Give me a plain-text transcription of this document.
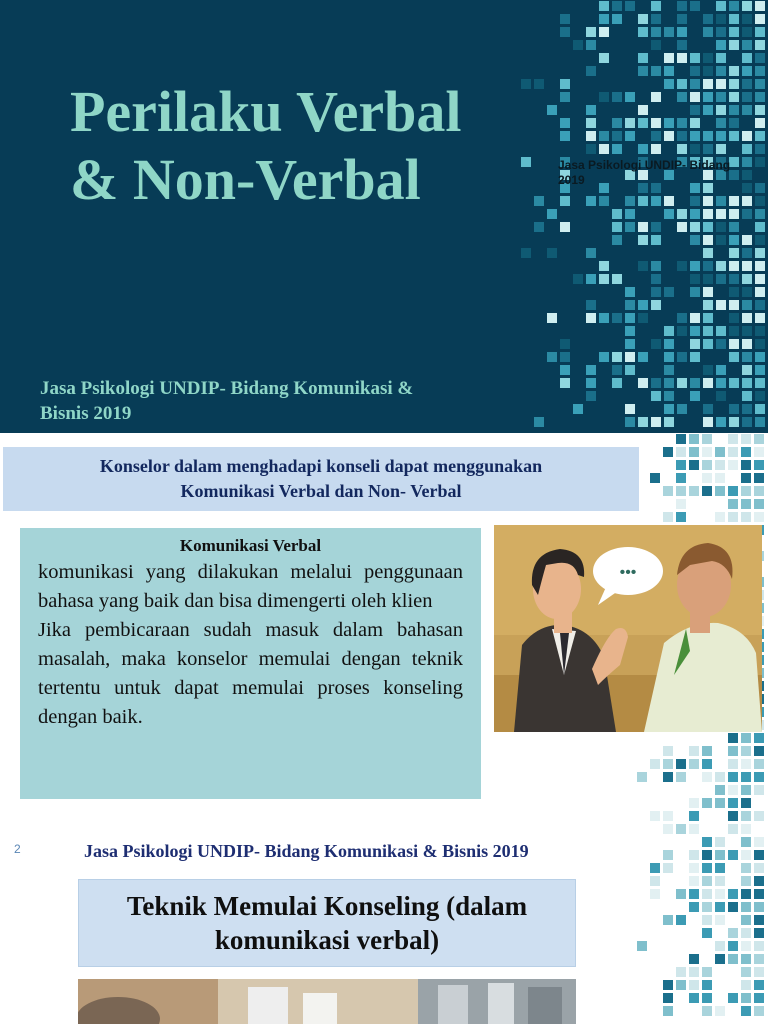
Perilaku Verbal
& Non-Verbal	Jasa Psikologi UNDIP- Bidang
2019
Jasa Psikologi UNDIP- Bidang Komunikasi &
Bisnis 2019
Konselor dalam menghadapi konseli dapat menggunakan
Komunikasi Verbal dan Non- Verbal
Komunikasi Verbal

komunikasi yang dilakukan melalui penggunaan bahasa yang baik dan bisa dimengerti oleh klien

Jika pembicaraan sudah masuk dalam bahasan masalah, maka konselor memulai dengan teknik tertentu untuk dapat memulai proses konseling dengan baik.

•••
2	Jasa Psikologi UNDIP- Bidang Komunikasi & Bisnis 2019
Teknik Memulai Konseling (dalam
komunikasi verbal)
